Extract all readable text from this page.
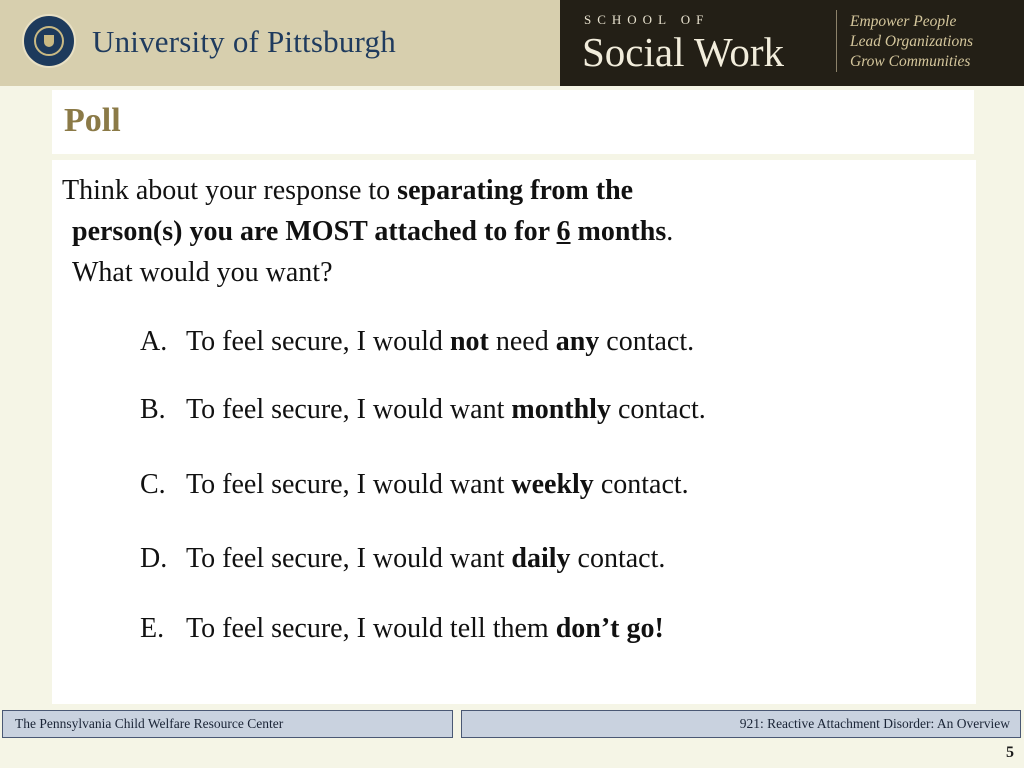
University of Pittsburgh
SCHOOL OF
Social Work
Empower People
Lead Organizations
Grow Communities
Poll
Think about your response to separating from the
person(s) you are MOST attached to for 6 months.
What would you want?
A. To feel secure, I would not need any contact.
B. To feel secure, I would want monthly contact.
C. To feel secure, I would want weekly contact.
D. To feel secure, I would want daily contact.
E. To feel secure, I would tell them don’t go!
The Pennsylvania Child Welfare Resource Center	921: Reactive Attachment Disorder: An Overview
5
